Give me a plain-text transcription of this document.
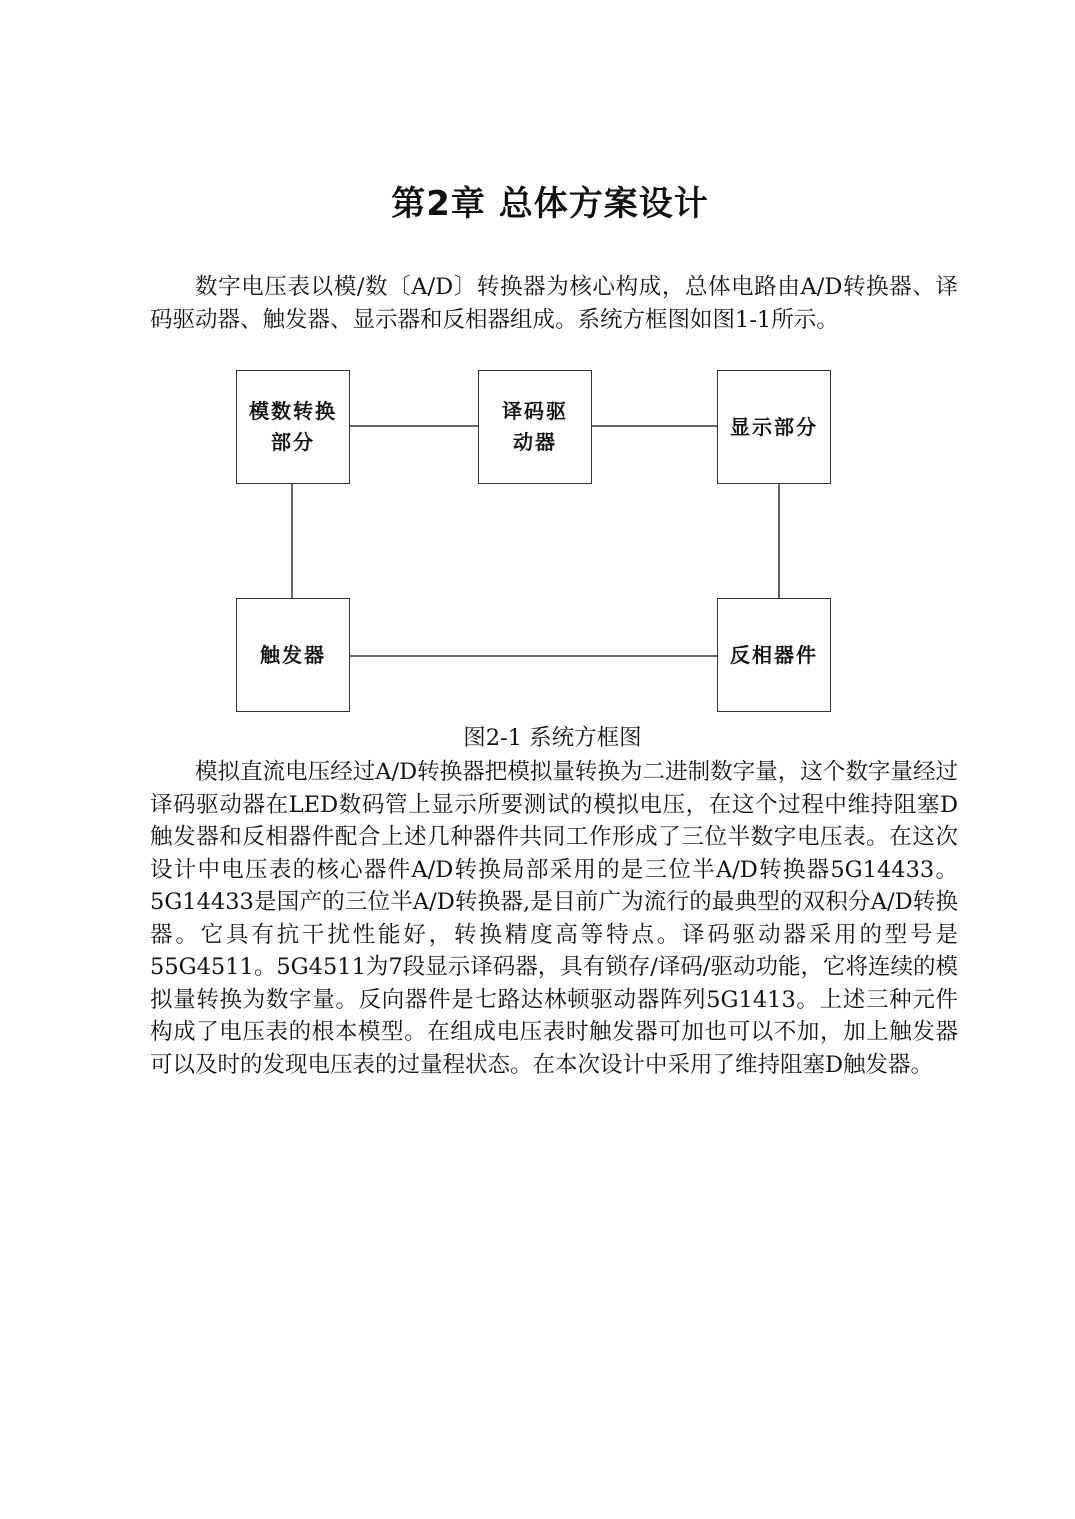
第2章 总体方案设计

数字电压表以模/数〔A/D〕转换器为核心构成，总体电路由A/D转换器、译码驱动器、触发器、显示器和反相器组成。系统方框图如图1-1所示。

模数转换部分
译码驱动器
显示部分
触发器	反相器件
图2-1 系统方框图

模拟直流电压经过A/D转换器把模拟量转换为二进制数字量，这个数字量经过译码驱动器在LED数码管上显示所要测试的模拟电压，在这个过程中维持阻塞D触发器和反相器件配合上述几种器件共同工作形成了三位半数字电压表。在这次设计中电压表的核心器件A/D转换局部采用的是三位半A/D转换器5G14433。5G14433是国产的三位半A/D转换器,是目前广为流行的最典型的双积分A/D转换器。它具有抗干扰性能好，转换精度高等特点。译码驱动器采用的型号是55G4511。5G4511为7段显示译码器，具有锁存/译码/驱动功能，它将连续的模拟量转换为数字量。反向器件是七路达林顿驱动器阵列5G1413。上述三种元件构成了电压表的根本模型。在组成电压表时触发器可加也可以不加，加上触发器可以及时的发现电压表的过量程状态。在本次设计中采用了维持阻塞D触发器。
